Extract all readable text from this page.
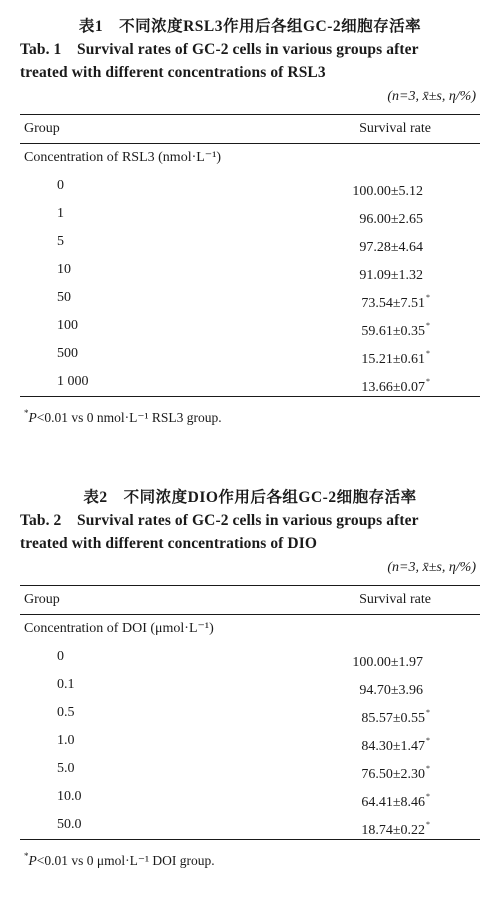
表1　不同浓度RSL3作用后各组GC-2细胞存活率
Tab. 1　Survival rates of GC-2 cells in various groups after
treated with different concentrations of RSL3
(n=3, x̄±s, η/%)
Group	Survival rate
Concentration of RSL3 (nmol·L⁻¹)
0	100.00±5.12
1	96.00±2.65
5	97.28±4.64
10	91.09±1.32
50	73.54±7.51*
100	59.61±0.35*
500	15.21±0.61*
1 000	13.66±0.07*
*P<0.01 vs 0 nmol·L⁻¹ RSL3 group.
表2　不同浓度DIO作用后各组GC-2细胞存活率
Tab. 2　Survival rates of GC-2 cells in various groups after
treated with different concentrations of DIO
(n=3, x̄±s, η/%)
Group	Survival rate
Concentration of DOI (μmol·L⁻¹)
0	100.00±1.97
0.1	94.70±3.96
0.5	85.57±0.55*
1.0	84.30±1.47*
5.0	76.50±2.30*
10.0	64.41±8.46*
50.0	18.74±0.22*
*P<0.01 vs 0 μmol·L⁻¹ DOI group.
